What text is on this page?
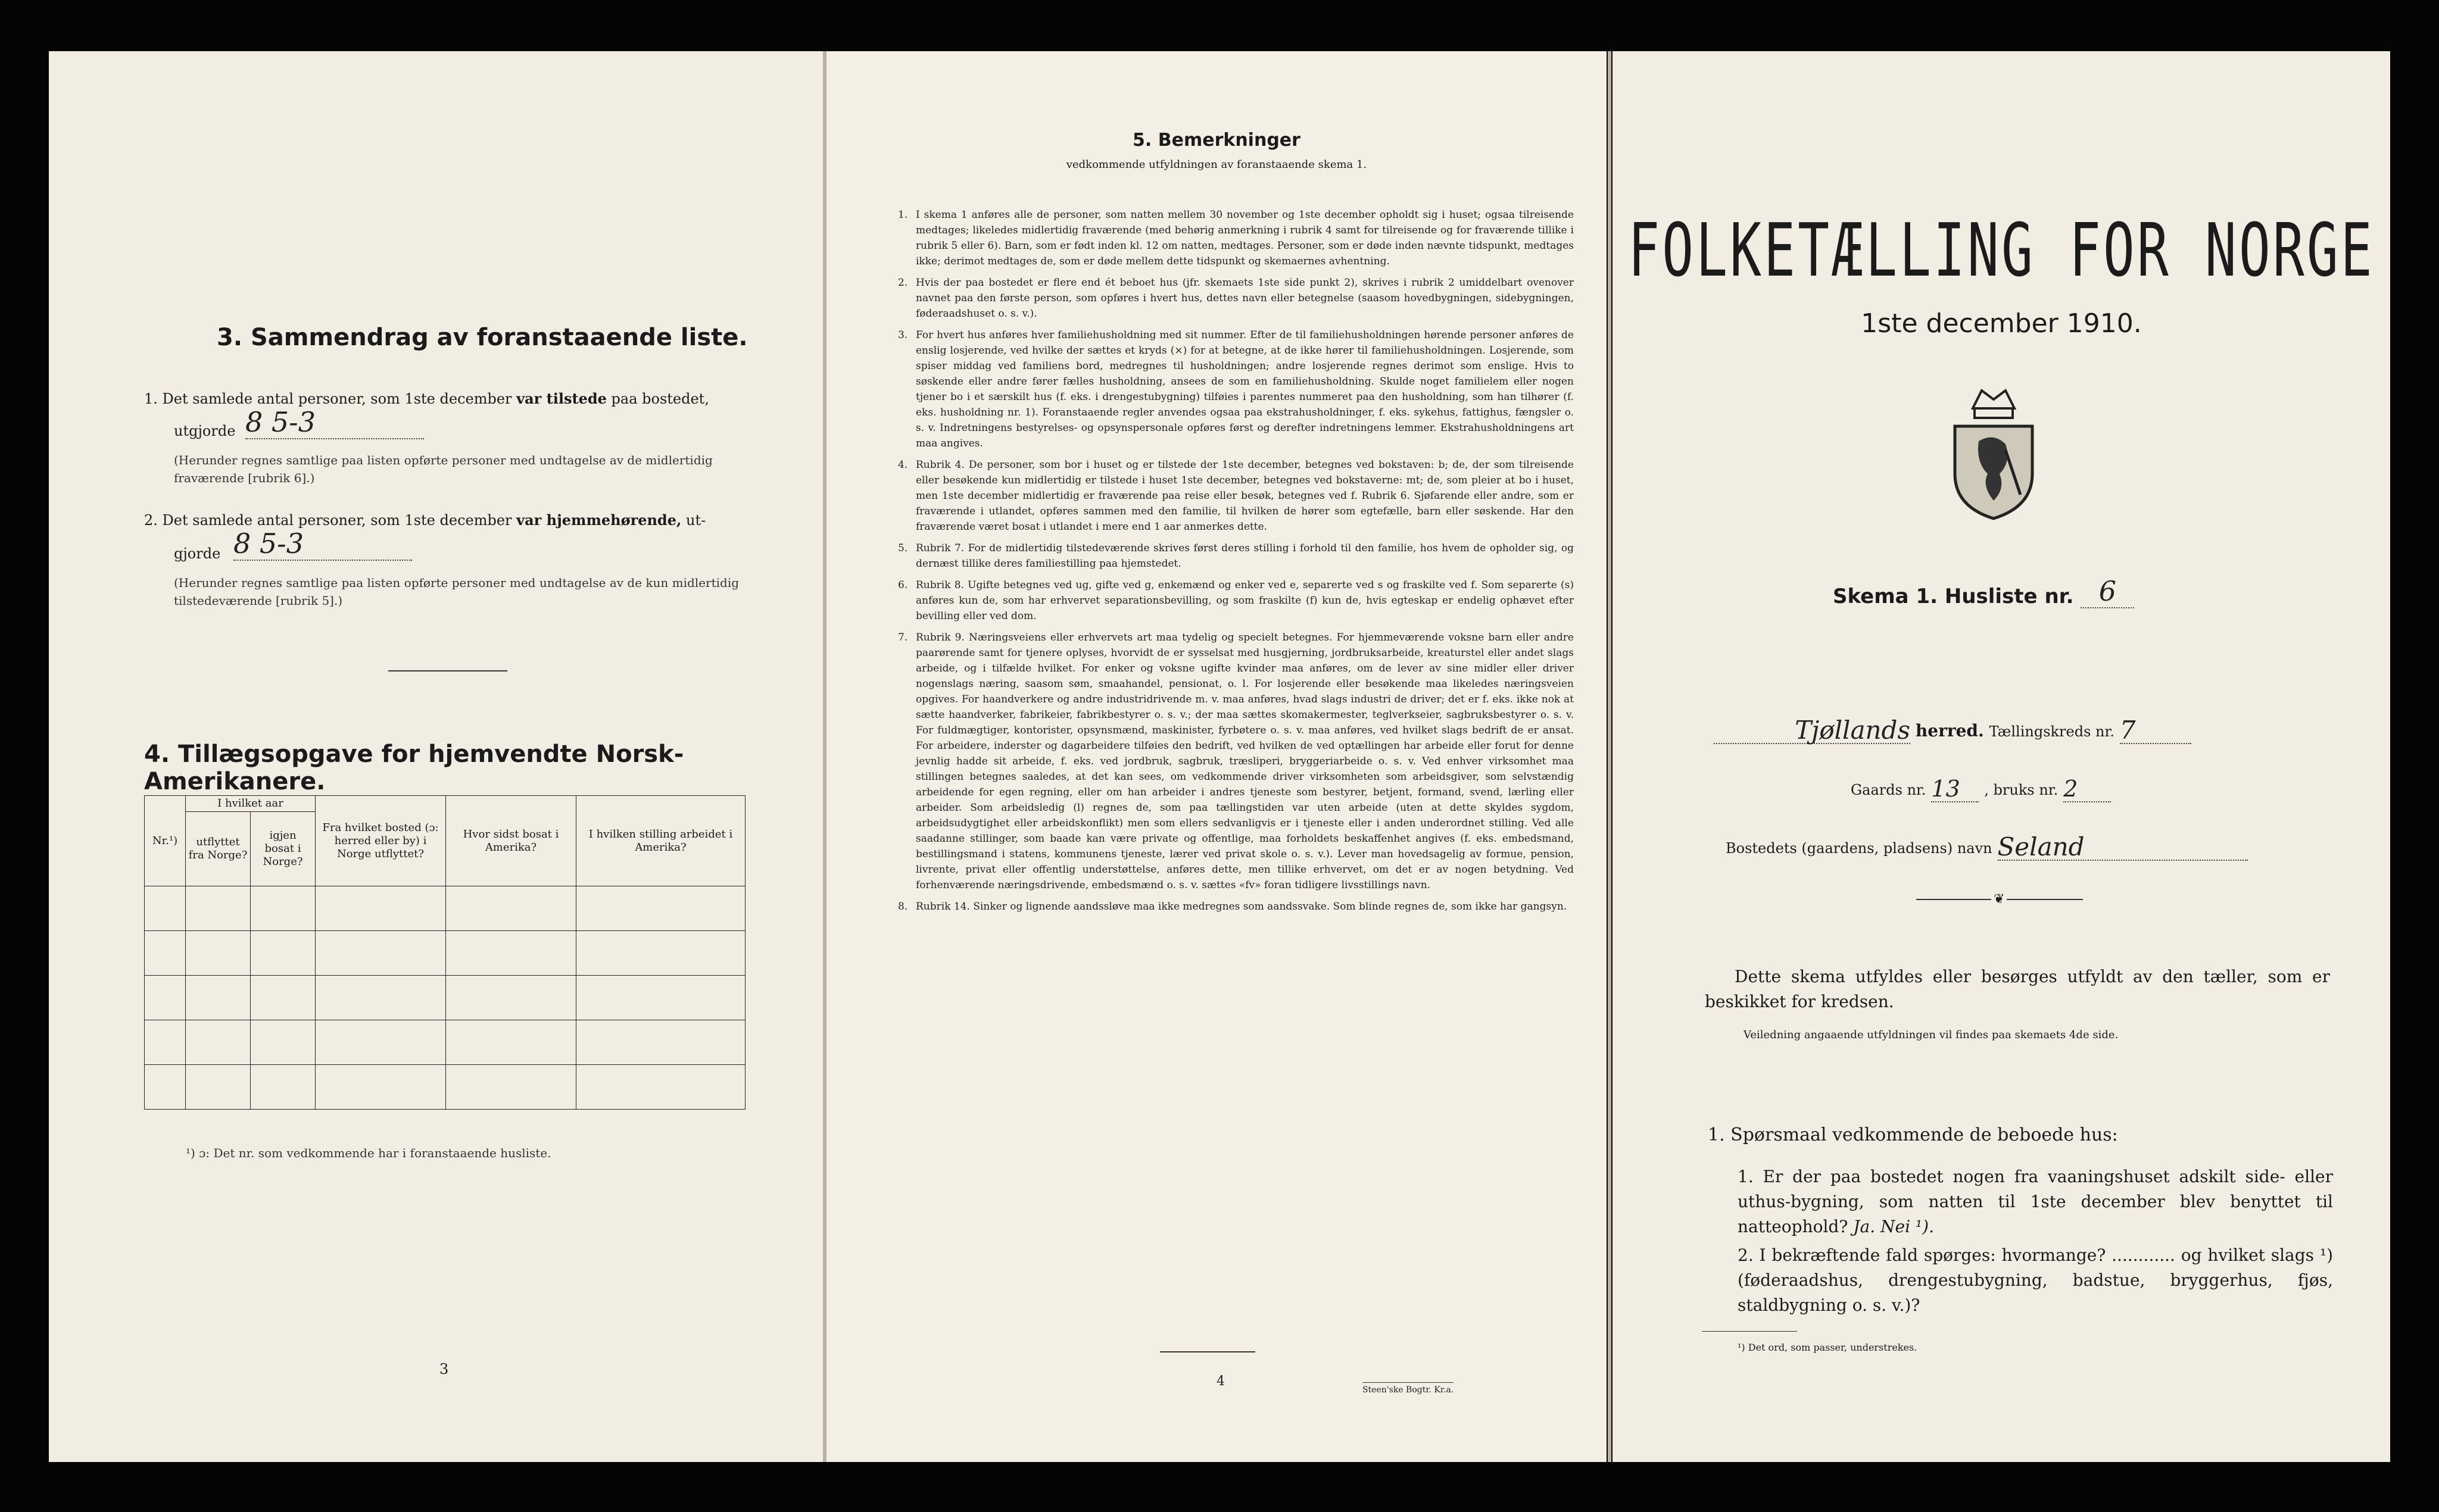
3. Sammendrag av foranstaaende liste.
1. Det samlede antal personer, som 1ste december var tilstede paa bostedet,
utgjorde 8 5-3
(Herunder regnes samtlige paa listen opførte personer med undtagelse av de midlertidig fraværende [rubrik 6].)
2. Det samlede antal personer, som 1ste december var hjemmehørende, ut-
gjorde 8 5-3
(Herunder regnes samtlige paa listen opførte personer med undtagelse av de kun midlertidig tilstedeværende [rubrik 5].)
4. Tillægsopgave for hjemvendte Norsk-Amerikanere.
Nr.¹)	I hvilket aar		Fra hvilket bosted (ɔ: herred eller by) i Norge utflyttet?	Hvor sidst bosat i Amerika?	I hvilken stilling arbeidet i Amerika?
	utflyttet fra Norge?	igjen bosat i Norge?			

¹) ɔ: Det nr. som vedkommende har i foranstaaende husliste.
3
5. Bemerkninger
vedkommende utfyldningen av foranstaaende skema 1.
1. I skema 1 anføres alle de personer, som natten mellem 30 november og 1ste december opholdt sig i huset; ogsaa tilreisende medtages; likeledes midlertidig fraværende (med behørig anmerkning i rubrik 4 samt for tilreisende og for fraværende tillike i rubrik 5 eller 6). Barn, som er født inden kl. 12 om natten, medtages. Personer, som er døde inden nævnte tidspunkt, medtages ikke; derimot medtages de, som er døde mellem dette tidspunkt og skemaernes avhentning.
2. Hvis der paa bostedet er flere end ét beboet hus (jfr. skemaets 1ste side punkt 2), skrives i rubrik 2 umiddelbart ovenover navnet paa den første person, som opføres i hvert hus, dettes navn eller betegnelse (saasom hovedbygningen, sidebygningen, føderaadshuset o. s. v.).
3. For hvert hus anføres hver familiehusholdning med sit nummer. Efter de til familiehusholdningen hørende personer anføres de enslig losjerende, ved hvilke der sættes et kryds (×) for at betegne, at de ikke hører til familiehusholdningen. Losjerende, som spiser middag ved familiens bord, medregnes til husholdningen; andre losjerende regnes derimot som enslige. Hvis to søskende eller andre fører fælles husholdning, ansees de som en familiehusholdning. Skulde noget familielem eller nogen tjener bo i et særskilt hus (f. eks. i drengestubygning) tilføies i parentes nummeret paa den husholdning, som han tilhører (f. eks. husholdning nr. 1). Foranstaaende regler anvendes ogsaa paa ekstrahusholdninger, f. eks. sykehus, fattighus, fængsler o. s. v. Indretningens bestyrelses- og opsynspersonale opføres først og derefter indretningens lemmer. Ekstrahusholdningens art maa angives.
4. Rubrik 4. De personer, som bor i huset og er tilstede der 1ste december, betegnes ved bokstaven: b; de, der som tilreisende eller besøkende kun midlertidig er tilstede i huset 1ste december, betegnes ved bokstaverne: mt; de, som pleier at bo i huset, men 1ste december midlertidig er fraværende paa reise eller besøk, betegnes ved f. Rubrik 6. Sjøfarende eller andre, som er fraværende i utlandet, opføres sammen med den familie, til hvilken de hører som egtefælle, barn eller søskende. Har den fraværende været bosat i utlandet i mere end 1 aar anmerkes dette.
5. Rubrik 7. For de midlertidig tilstedeværende skrives først deres stilling i forhold til den familie, hos hvem de opholder sig, og dernæst tillike deres familiestilling paa hjemstedet.
6. Rubrik 8. Ugifte betegnes ved ug, gifte ved g, enkemænd og enker ved e, separerte ved s og fraskilte ved f. Som separerte (s) anføres kun de, som har erhvervet separationsbevilling, og som fraskilte (f) kun de, hvis egteskap er endelig ophævet efter bevilling eller ved dom.
7. Rubrik 9. Næringsveiens eller erhvervets art maa tydelig og specielt betegnes. For hjemmeværende voksne barn eller andre paarørende samt for tjenere oplyses, hvorvidt de er sysselsat med husgjerning, jordbruksarbeide, kreaturstel eller andet slags arbeide, og i tilfælde hvilket. For enker og voksne ugifte kvinder maa anføres, om de lever av sine midler eller driver nogenslags næring, saasom søm, smaahandel, pensionat, o. l. For losjerende eller besøkende maa likeledes næringsveien opgives. For haandverkere og andre industridrivende m. v. maa anføres, hvad slags industri de driver; det er f. eks. ikke nok at sætte haandverker, fabrikeier, fabrikbestyrer o. s. v.; der maa sættes skomakermester, teglverkseier, sagbruksbestyrer o. s. v. For fuldmægtiger, kontorister, opsynsmænd, maskinister, fyrbøtere o. s. v. maa anføres, ved hvilket slags bedrift de er ansat. For arbeidere, inderster og dagarbeidere tilføies den bedrift, ved hvilken de ved optællingen har arbeide eller forut for denne jevnlig hadde sit arbeide, f. eks. ved jordbruk, sagbruk, træsliperi, bryggeriarbeide o. s. v. Ved enhver virksomhet maa stillingen betegnes saaledes, at det kan sees, om vedkommende driver virksomheten som arbeidsgiver, som selvstændig arbeidende for egen regning, eller om han arbeider i andres tjeneste som bestyrer, betjent, formand, svend, lærling eller arbeider. Som arbeidsledig (l) regnes de, som paa tællingstiden var uten arbeide (uten at dette skyldes sygdom, arbeidsudygtighet eller arbeidskonflikt) men som ellers sedvanligvis er i tjeneste eller i anden underordnet stilling. Ved alle saadanne stillinger, som baade kan være private og offentlige, maa forholdets beskaffenhet angives (f. eks. embedsmand, bestillingsmand i statens, kommunens tjeneste, lærer ved privat skole o. s. v.). Lever man hovedsagelig av formue, pension, livrente, privat eller offentlig understøttelse, anføres dette, men tillike erhvervet, om det er av nogen betydning. Ved forhenværende næringsdrivende, embedsmænd o. s. v. sættes «fv» foran tidligere livsstillings navn.
8. Rubrik 14. Sinker og lignende aandssløve maa ikke medregnes som aandssvake. Som blinde regnes de, som ikke har gangsyn.
4
Steen'ske Bogtr. Kr.a.
FOLKETÆLLING FOR NORGE
1ste december 1910.
Skema 1. Husliste nr. 6
Tjøllands herred. Tællingskreds nr. 7
Gaards nr. 13 , bruks nr. 2
Bostedets (gaardens, pladsens) navn Seland
❦
Dette skema utfyldes eller besørges utfyldt av den tæller, som er beskikket for kredsen.
Veiledning angaaende utfyldningen vil findes paa skemaets 4de side.
1. Spørsmaal vedkommende de beboede hus:
1. Er der paa bostedet nogen fra vaaningshuset adskilt side- eller uthus-bygning, som natten til 1ste december blev benyttet til natteophold? Ja. Nei ¹).
2. I bekræftende fald spørges: hvormange? ............ og hvilket slags ¹) (føderaadshus, drengestubygning, badstue, bryggerhus, fjøs, staldbygning o. s. v.)?
¹) Det ord, som passer, understrekes.
